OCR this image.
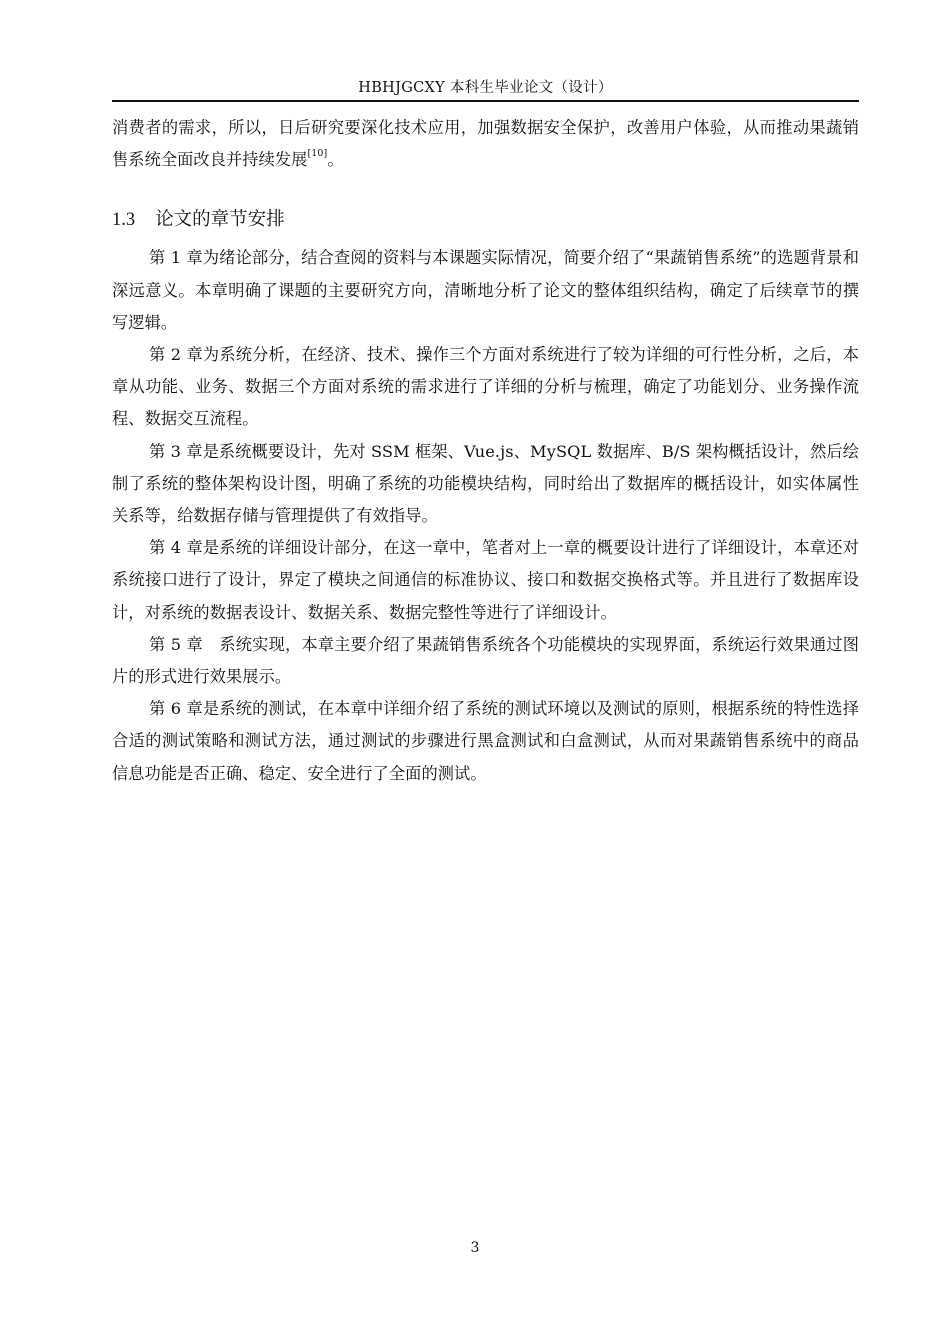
HBHJGCXY 本科生毕业论文（设计）

消费者的需求，所以，日后研究要深化技术应用，加强数据安全保护，改善用户体验，从而推动果蔬销售系统全面改良并持续发展[10]。

1.3 论文的章节安排

第 1 章为绪论部分，结合查阅的资料与本课题实际情况，简要介绍了“果蔬销售系统”的选题背景和深远意义。本章明确了课题的主要研究方向，清晰地分析了论文的整体组织结构，确定了后续章节的撰写逻辑。

第 2 章为系统分析，在经济、技术、操作三个方面对系统进行了较为详细的可行性分析，之后，本章从功能、业务、数据三个方面对系统的需求进行了详细的分析与梳理，确定了功能划分、业务操作流程、数据交互流程。

第 3 章是系统概要设计，先对 SSM 框架、Vue.js、MySQL 数据库、B/S 架构概括设计，然后绘制了系统的整体架构设计图，明确了系统的功能模块结构，同时给出了数据库的概括设计，如实体属性关系等，给数据存储与管理提供了有效指导。

第 4 章是系统的详细设计部分，在这一章中，笔者对上一章的概要设计进行了详细设计，本章还对系统接口进行了设计，界定了模块之间通信的标准协议、接口和数据交换格式等。并且进行了数据库设计，对系统的数据表设计、数据关系、数据完整性等进行了详细设计。

第 5 章　系统实现，本章主要介绍了果蔬销售系统各个功能模块的实现界面，系统运行效果通过图片的形式进行效果展示。

第 6 章是系统的测试，在本章中详细介绍了系统的测试环境以及测试的原则，根据系统的特性选择合适的测试策略和测试方法，通过测试的步骤进行黑盒测试和白盒测试，从而对果蔬销售系统中的商品信息功能是否正确、稳定、安全进行了全面的测试。

3
